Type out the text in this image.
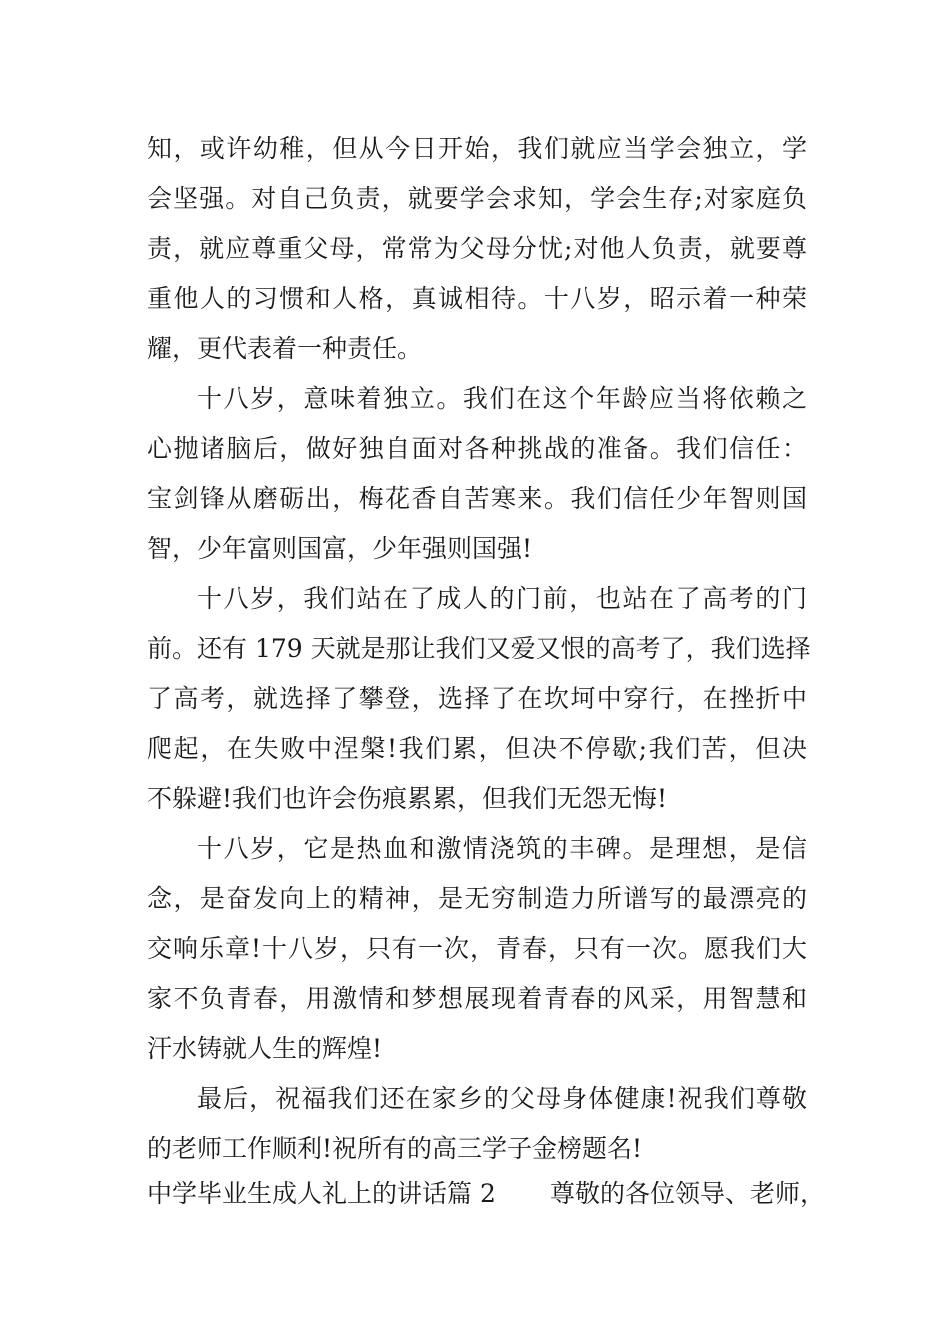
知，或许幼稚，但从今日开始，我们就应当学会独立，学
会坚强。对自己负责，就要学会求知，学会生存;对家庭负
责，就应尊重父母，常常为父母分忧;对他人负责，就要尊
重他人的习惯和人格，真诚相待。十八岁，昭示着一种荣
耀，更代表着一种责任。
十八岁，意味着独立。我们在这个年龄应当将依赖之
心抛诸脑后，做好独自面对各种挑战的准备。我们信任：
宝剑锋从磨砺出，梅花香自苦寒来。我们信任少年智则国
智，少年富则国富，少年强则国强!
十八岁，我们站在了成人的门前，也站在了高考的门
前。还有 179 天就是那让我们又爱又恨的高考了，我们选择
了高考，就选择了攀登，选择了在坎坷中穿行，在挫折中
爬起，在失败中涅槃!我们累，但决不停歇;我们苦，但决
不躲避!我们也许会伤痕累累，但我们无怨无悔!
十八岁，它是热血和激情浇筑的丰碑。是理想，是信
念，是奋发向上的精神，是无穷制造力所谱写的最漂亮的
交响乐章!十八岁，只有一次，青春，只有一次。愿我们大
家不负青春，用激情和梦想展现着青春的风采，用智慧和
汗水铸就人生的辉煌!
最后，祝福我们还在家乡的父母身体健康!祝我们尊敬
的老师工作顺利!祝所有的高三学子金榜题名!
中学毕业生成人礼上的讲话篇 2 尊敬的各位领导、老师，
